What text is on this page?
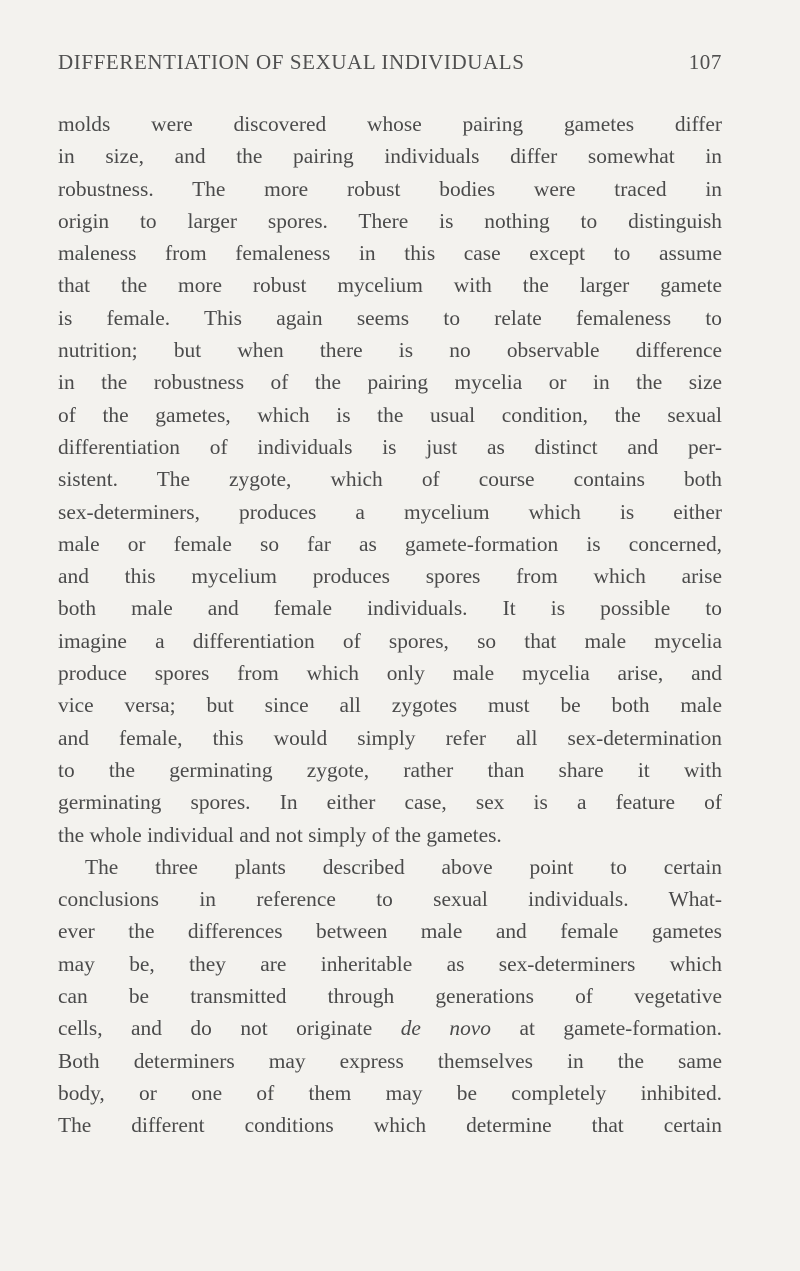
DIFFERENTIATION OF SEXUAL INDIVIDUALS	107
molds were discovered whose pairing gametes differ
in size, and the pairing individuals differ somewhat in
robustness. The more robust bodies were traced in
origin to larger spores. There is nothing to distinguish
maleness from femaleness in this case except to assume
that the more robust mycelium with the larger gamete
is female. This again seems to relate femaleness to
nutrition; but when there is no observable difference
in the robustness of the pairing mycelia or in the size
of the gametes, which is the usual condition, the sexual
differentiation of individuals is just as distinct and per-
sistent. The zygote, which of course contains both
sex-determiners, produces a mycelium which is either
male or female so far as gamete-formation is concerned,
and this mycelium produces spores from which arise
both male and female individuals. It is possible to
imagine a differentiation of spores, so that male mycelia
produce spores from which only male mycelia arise, and
vice versa; but since all zygotes must be both male
and female, this would simply refer all sex-determination
to the germinating zygote, rather than share it with
germinating spores. In either case, sex is a feature of
the whole individual and not simply of the gametes.
The three plants described above point to certain
conclusions in reference to sexual individuals. What-
ever the differences between male and female gametes
may be, they are inheritable as sex-determiners which
can be transmitted through generations of vegetative
cells, and do not originate de novo at gamete-formation.
Both determiners may express themselves in the same
body, or one of them may be completely inhibited.
The different conditions which determine that certain
